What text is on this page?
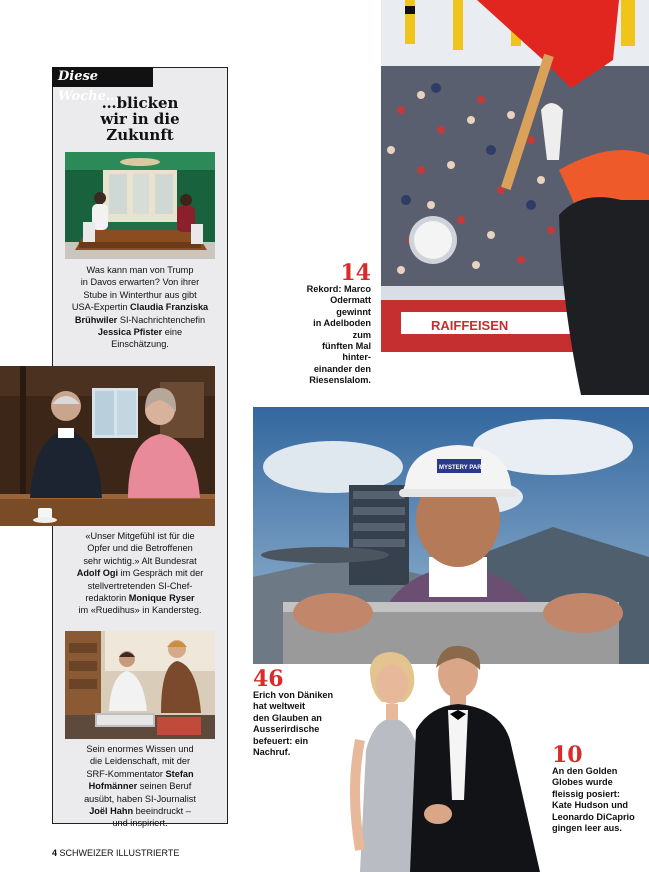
Diese Woche…
…blicken
wir in die
Zukunft
Was kann man von Trump
in Davos erwarten? Von ihrer
Stube in Winterthur aus gibt
USA-Expertin Claudia Franziska
Brühwiler SI-Nachrichtenchefin
Jessica Pfister eine
Einschätzung.
«Unser Mitgefühl ist für die
Opfer und die Betroffenen
sehr wichtig.» Alt Bundesrat
Adolf Ogi im Gespräch mit der
stellvertretenden SI-Chef-
redaktorin Monique Ryser
im «Ruedihus» in Kandersteg.
Sein enormes Wissen und
die Leidenschaft, mit der
SRF-Kommentator Stefan
Hofmänner seinen Beruf
ausübt, haben SI-Journalist
Joël Hahn beeindruckt –
und inspiriert.
RAIFFEISEN
14
Rekord: Marco
Odermatt gewinnt
in Adelboden zum
fünften Mal hinter-
einander den
Riesenslalom.
MYSTERY PARK
46
Erich von Däniken
hat weltweit
den Glauben an
Ausserirdische
befeuert: ein
Nachruf.	10
An den Golden
Globes wurde
fleissig posiert:
Kate Hudson und
Leonardo DiCaprio
gingen leer aus.
4 SCHWEIZER ILLUSTRIERTE
